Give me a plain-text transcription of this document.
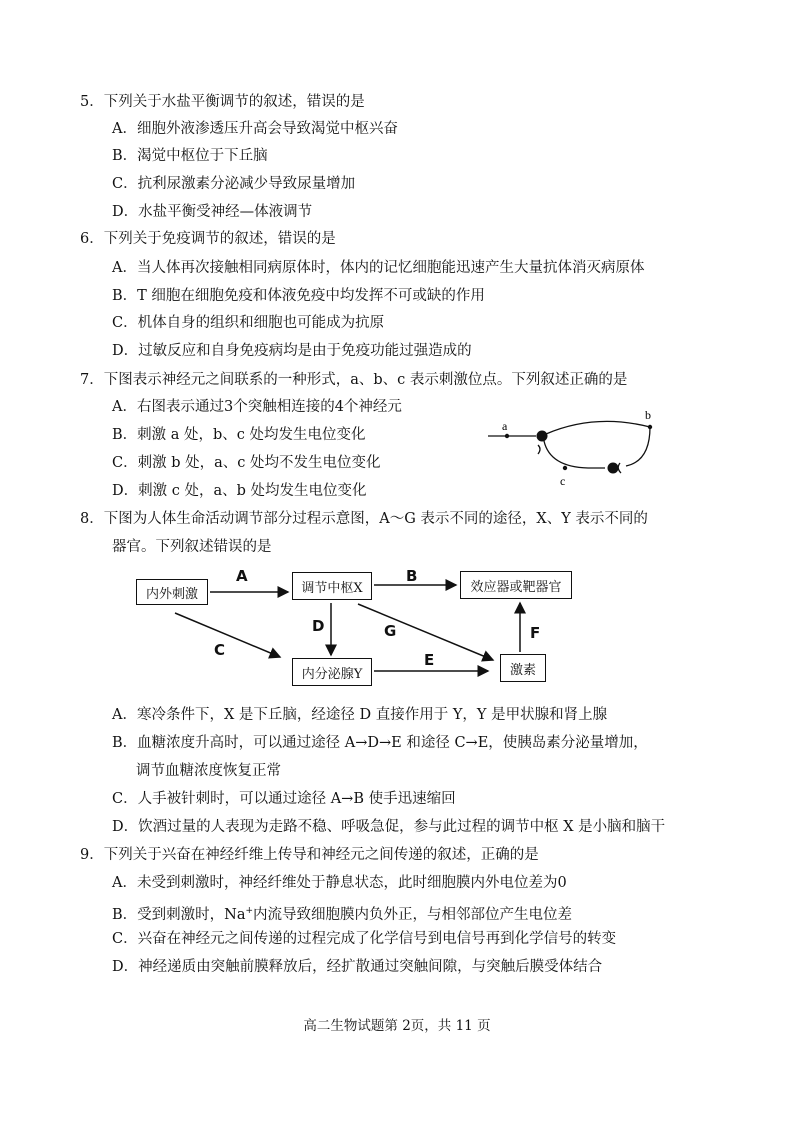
5．下列关于水盐平衡调节的叙述，错误的是
A．细胞外液渗透压升高会导致渴觉中枢兴奋
B．渴觉中枢位于下丘脑
C．抗利尿激素分泌减少导致尿量增加
D．水盐平衡受神经—体液调节
6．下列关于免疫调节的叙述，错误的是
A．当人体再次接触相同病原体时，体内的记忆细胞能迅速产生大量抗体消灭病原体
B．T 细胞在细胞免疫和体液免疫中均发挥不可或缺的作用
C．机体自身的组织和细胞也可能成为抗原
D．过敏反应和自身免疫病均是由于免疫功能过强造成的
7．下图表示神经元之间联系的一种形式，a、b、c 表示刺激位点。下列叙述正确的是
A．右图表示通过3个突触相连接的4个神经元
B．刺激 a 处，b、c 处均发生电位变化
C．刺激 b 处，a、c 处均不发生电位变化
D．刺激 c 处，a、b 处均发生电位变化
a
b
c
8．下图为人体生命活动调节部分过程示意图，A～G 表示不同的途径，X、Y 表示不同的
器官。下列叙述错误的是
内外刺激	调节中枢X	效应器或靶器官
内分泌腺Y	激素
A	B
C
D
E
F
G
A．寒冷条件下，X 是下丘脑，经途径 D 直接作用于 Y，Y 是甲状腺和肾上腺
B．血糖浓度升高时，可以通过途径 A→D→E 和途径 C→E，使胰岛素分泌量增加，
调节血糖浓度恢复正常
C．人手被针刺时，可以通过途径 A→B 使手迅速缩回
D．饮酒过量的人表现为走路不稳、呼吸急促，参与此过程的调节中枢 X 是小脑和脑干
9．下列关于兴奋在神经纤维上传导和神经元之间传递的叙述，正确的是
A．未受到刺激时，神经纤维处于静息状态，此时细胞膜内外电位差为0
B．受到刺激时，Na+内流导致细胞膜内负外正，与相邻部位产生电位差
C．兴奋在神经元之间传递的过程完成了化学信号到电信号再到化学信号的转变
D．神经递质由突触前膜释放后，经扩散通过突触间隙，与突触后膜受体结合
高二生物试题第 2页，共 11 页
